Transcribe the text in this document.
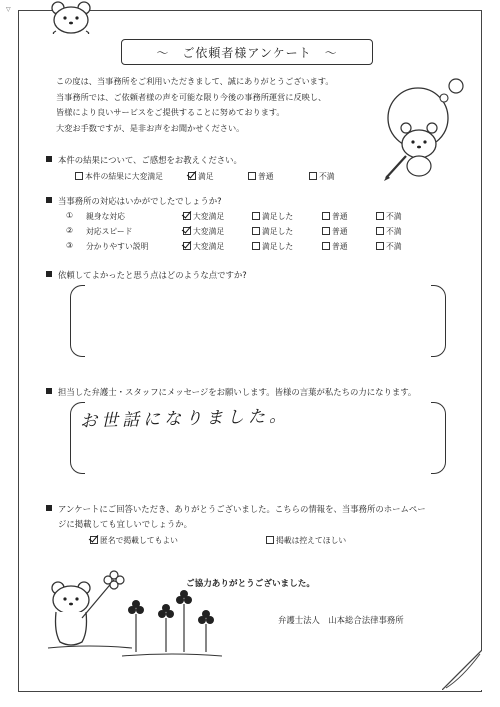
▽
～　ご依頼者様アンケート　～
この度は、当事務所をご利用いただきまして、誠にありがとうございます。
当事務所では、ご依頼者様の声を可能な限り今後の事務所運営に反映し、
皆様により良いサービスをご提供することに努めております。
大変お手数ですが、是非お声をお聞かせください。
本件の結果について、ご感想をお教えください。
本件の結果に大変満足	満足	普通	不満
当事務所の対応はいかがでしたでしょうか?
① 親身な対応	大変満足	満足した	普通	不満
② 対応スピード	大変満足	満足した	普通	不満
③ 分かりやすい説明	大変満足	満足した	普通	不満
依頼してよかったと思う点はどのような点ですか?
担当した弁護士・スタッフにメッセージをお願いします。皆様の言葉が私たちの力になります。
お世話になりました。
アンケートにご回答いただき、ありがとうございました。こちらの情報を、当事務所のホームペー
ジに掲載しても宜しいでしょうか。
匿名で掲載してもよい	掲載は控えてほしい
ご協力ありがとうございました。
弁護士法人　山本総合法律事務所
